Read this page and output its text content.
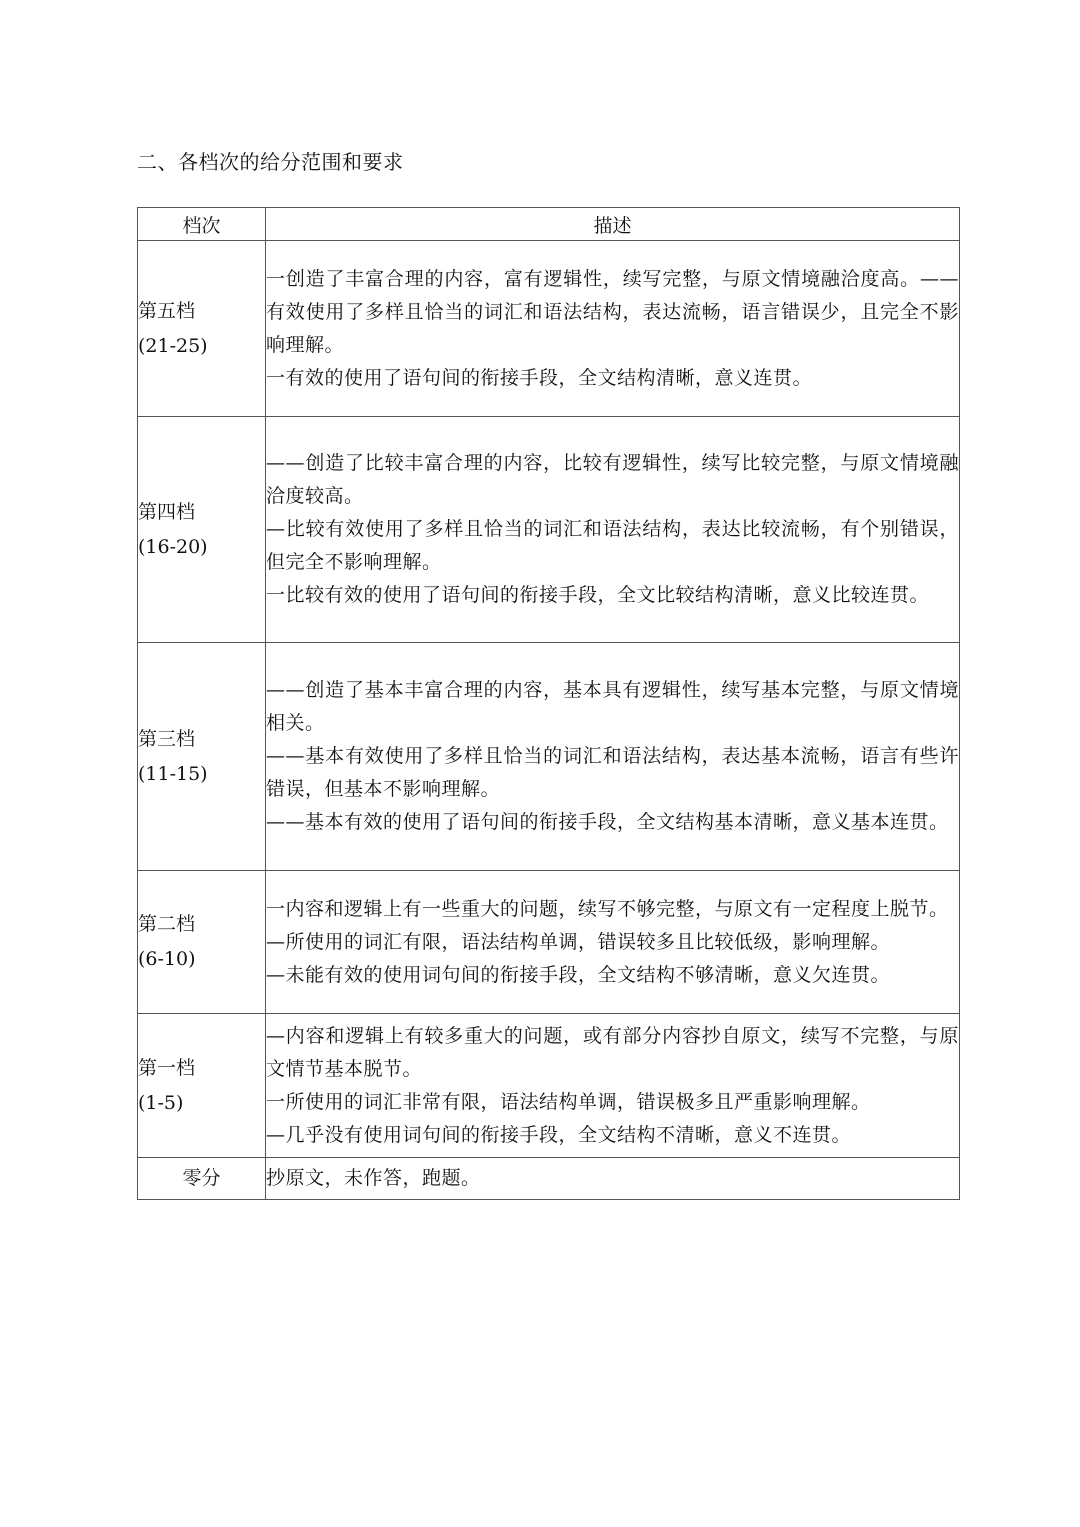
二、各档次的给分范围和要求
档次	描述

第五档
(21-25)	一创造了丰富合理的内容，富有逻辑性，续写完整，与原文情境融洽度高。——有效使用了多样且恰当的词汇和语法结构，表达流畅，语言错误少，且完全不影响理解。
一有效的使用了语句间的衔接手段，全文结构清晰，意义连贯。

第四档
(16-20)	——创造了比较丰富合理的内容，比较有逻辑性，续写比较完整，与原文情境融洽度较高。
—比较有效使用了多样且恰当的词汇和语法结构，表达比较流畅，有个别错误，但完全不影响理解。
一比较有效的使用了语句间的衔接手段，全文比较结构清晰，意义比较连贯。

第三档
(11-15)	——创造了基本丰富合理的内容，基本具有逻辑性，续写基本完整，与原文情境相关。
——基本有效使用了多样且恰当的词汇和语法结构，表达基本流畅，语言有些许错误，但基本不影响理解。
——基本有效的使用了语句间的衔接手段，全文结构基本清晰，意义基本连贯。

第二档
(6-10)	一内容和逻辑上有一些重大的问题，续写不够完整，与原文有一定程度上脱节。
—所使用的词汇有限，语法结构单调，错误较多且比较低级，影响理解。
—未能有效的使用词句间的衔接手段，全文结构不够清晰，意义欠连贯。

第一档
(1-5)	—内容和逻辑上有较多重大的问题，或有部分内容抄自原文，续写不完整，与原文情节基本脱节。
一所使用的词汇非常有限，语法结构单调，错误极多且严重影响理解。
—几乎没有使用词句间的衔接手段，全文结构不清晰，意义不连贯。

零分	抄原文，未作答，跑题。
